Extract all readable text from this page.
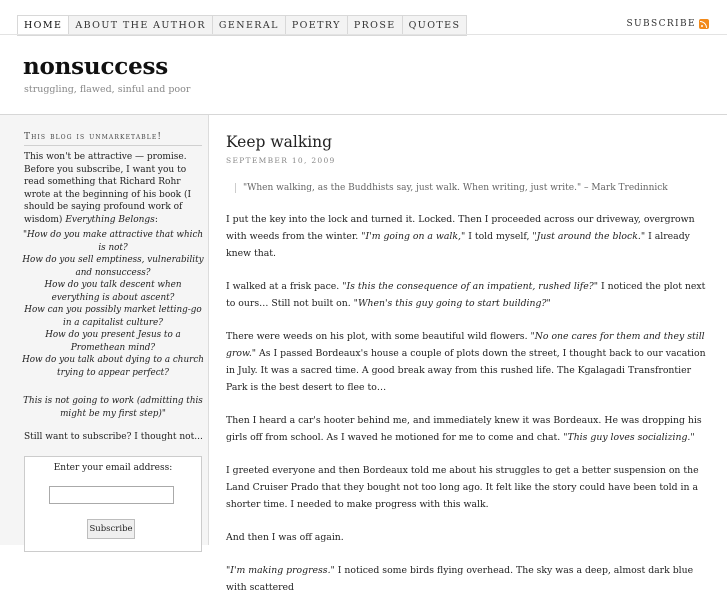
HOME	ABOUT THE AUTHOR	GENERAL	POETRY	PROSE	QUOTES	SUBSCRIBE
nonsuccess
struggling, flawed, sinful and poor
This blog is unmarketable!
This won't be attractive — promise. Before you subscribe, I want you to read something that Richard Rohr wrote at the beginning of his book (I should be saying profound work of wisdom) Everything Belongs:

"How do you make attractive that which is not?

How do you sell emptiness, vulnerability and nonsuccess?

How do you talk descent when everything is about ascent?

How can you possibly market letting-go in a capitalist culture?

How do you present Jesus to a Promethean mind?

How do you talk about dying to a church trying to appear perfect?

This is not going to work (admitting this might be my first step)"
Still want to subscribe? I thought not...
Enter your email address:
Subscribe
Keep walking
SEPTEMBER 10, 2009
"When walking, as the Buddhists say, just walk. When writing, just write." – Mark Tredinnick

I put the key into the lock and turned it. Locked. Then I proceeded across our driveway, overgrown with weeds from the winter. "I'm going on a walk," I told myself, "Just around the block." I already knew that.

I walked at a frisk pace. "Is this the consequence of an impatient, rushed life?" I noticed the plot next to ours… Still not built on. "When's this guy going to start building?"

There were weeds on his plot, with some beautiful wild flowers. "No one cares for them and they still grow." As I passed Bordeaux's house a couple of plots down the street, I thought back to our vacation in July. It was a sacred time. A good break away from this rushed life. The Kgalagadi Transfrontier Park is the best desert to flee to…

Then I heard a car's hooter behind me, and immediately knew it was Bordeaux. He was dropping his girls off from school. As I waved he motioned for me to come and chat. "This guy loves socializing."

I greeted everyone and then Bordeaux told me about his struggles to get a better suspension on the Land Cruiser Prado that they bought not too long ago. It felt like the story could have been told in a shorter time. I needed to make progress with this walk.

And then I was off again.

"I'm making progress." I noticed some birds flying overhead. The sky was a deep, almost dark blue with scattered
